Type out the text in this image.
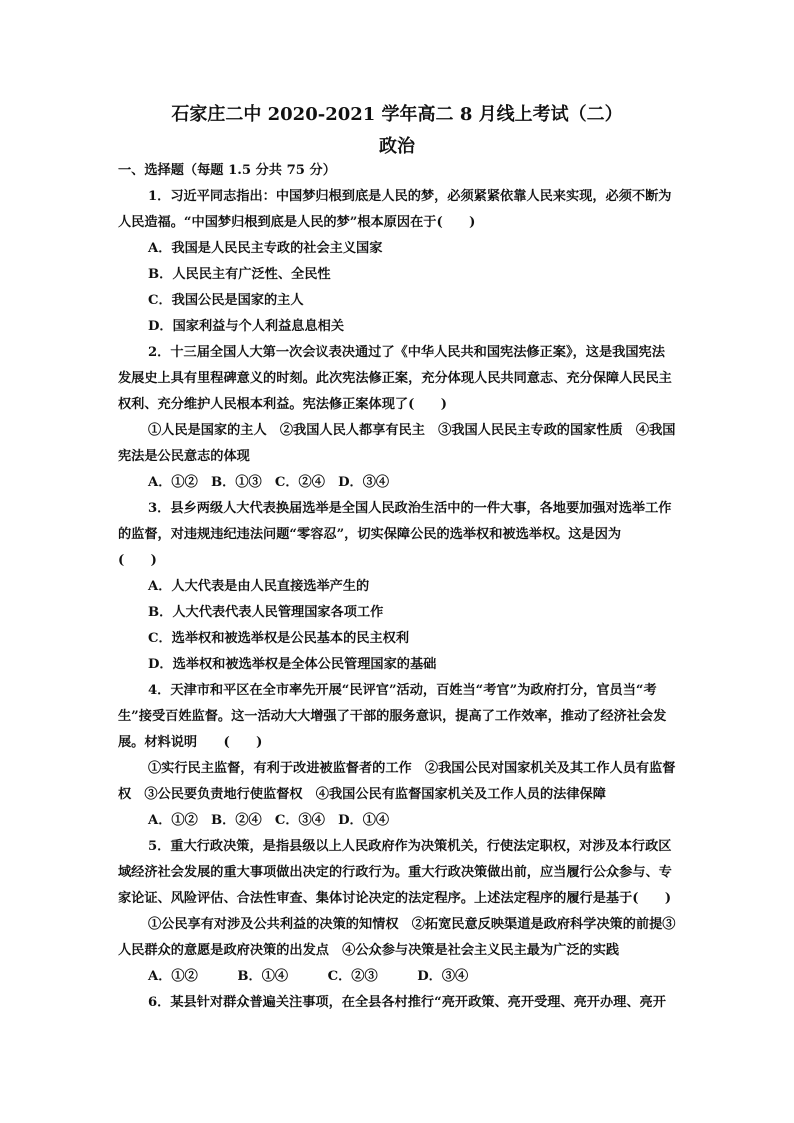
石家庄二中 2020-2021 学年高二 8 月线上考试（二）
政治

一、选择题（每题 1.5 分共 75 分）

1．习近平同志指出：中国梦归根到底是人民的梦，必须紧紧依靠人民来实现，必须不断为人民造福。“中国梦归根到底是人民的梦”根本原因在于(　　)

A．我国是人民民主专政的社会主义国家

B．人民民主有广泛性、全民性

C．我国公民是国家的主人

D．国家利益与个人利益息息相关

2．十三届全国人大第一次会议表决通过了《中华人民共和国宪法修正案》，这是我国宪法发展史上具有里程碑意义的时刻。此次宪法修正案，充分体现人民共同意志、充分保障人民民主权利、充分维护人民根本利益。宪法修正案体现了(　　)

①人民是国家的主人　②我国人民人都享有民主　③我国人民民主专政的国家性质　④我国宪法是公民意志的体现

A．①②　B．①③　C．②④　D．③④

3．县乡两级人大代表换届选举是全国人民政治生活中的一件大事，各地要加强对选举工作的监督，对违规违纪违法问题“零容忍”，切实保障公民的选举权和被选举权。这是因为　　(　　)

A．人大代表是由人民直接选举产生的

B．人大代表代表人民管理国家各项工作

C．选举权和被选举权是公民基本的民主权利

D．选举权和被选举权是全体公民管理国家的基础

4．天津市和平区在全市率先开展“民评官”活动，百姓当“考官”为政府打分，官员当“考生”接受百姓监督。这一活动大大增强了干部的服务意识，提高了工作效率，推动了经济社会发展。材料说明　　(　　)

①实行民主监督，有利于改进被监督者的工作　②我国公民对国家机关及其工作人员有监督权　③公民要负责地行使监督权　④我国公民有监督国家机关及工作人员的法律保障

A．①②　B．②④　C．③④　D．①④

5．重大行政决策，是指县级以上人民政府作为决策机关，行使法定职权，对涉及本行政区域经济社会发展的重大事项做出决定的行政行为。重大行政决策做出前，应当履行公众参与、专家论证、风险评估、合法性审查、集体讨论决定的法定程序。上述法定程序的履行是基于(　　)

①公民享有对涉及公共利益的决策的知情权　②拓宽民意反映渠道是政府科学决策的前提③人民群众的意愿是政府决策的出发点　④公众参与决策是社会主义民主最为广泛的实践

A．①②　　　B．①④　　　C．②③　　　D．③④

6．某县针对群众普遍关注事项，在全县各村推行“亮开政策、亮开受理、亮开办理、亮开
